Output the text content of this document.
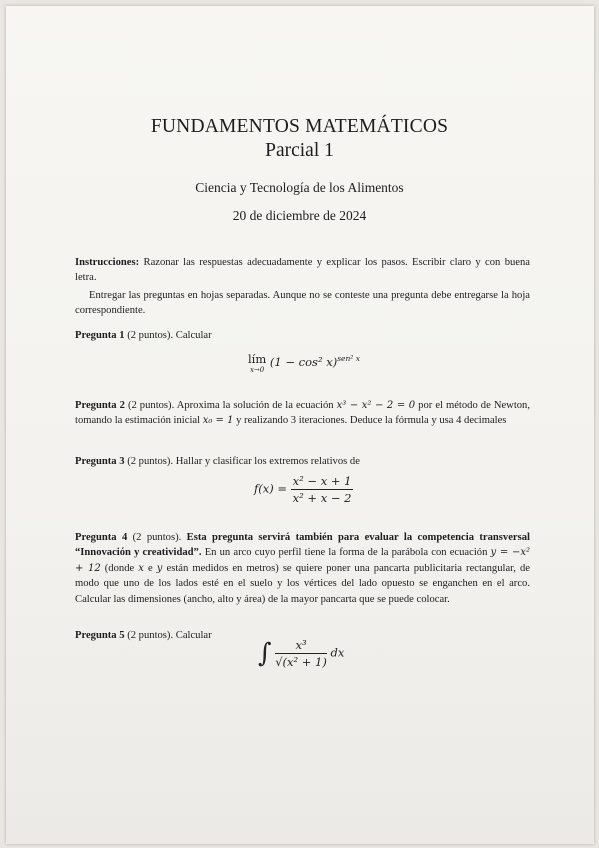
FUNDAMENTOS MATEMÁTICOS
Parcial 1
Ciencia y Tecnología de los Alimentos
20 de diciembre de 2024
Instrucciones: Razonar las respuestas adecuadamente y explicar los pasos. Escribir claro y con buena letra.
Entregar las preguntas en hojas separadas. Aunque no se conteste una pregunta debe entregarse la hoja correspondiente.
Pregunta 1 (2 puntos). Calcular
lím
x→0
(1 − cos² x)$^{sen^2 x}$
Pregunta 2 (2 puntos). Aproxima la solución de la ecuación x³ − x² − 2 = 0 por el método de Newton, tomando la estimación inicial x₀ = 1 y realizando 3 iteraciones. Deduce la fórmula y usa 4 decimales
Pregunta 3 (2 puntos). Hallar y clasificar los extremos relativos de
$f(x) = \frac{\text{x² − x + 1}}{\text{x² + x − 2}}$
Pregunta 4 (2 puntos). Esta pregunta servirá también para evaluar la competencia transversal “Innovación y creatividad”. En un arco cuyo perfil tiene la forma de la parábola con ecuación y = −x² + 12 (donde x e y están medidos en metros) se quiere poner una pancarta publicitaria rectangular, de modo que uno de los lados esté en el suelo y los vértices del lado opuesto se enganchen en el arco. Calcular las dimensiones (ancho, alto y área) de la mayor pancarta que se puede colocar.
Pregunta 5 (2 puntos). Calcular
∫ $\frac{\text{x³}}{\text{√(x² + 1)}}$ dx
